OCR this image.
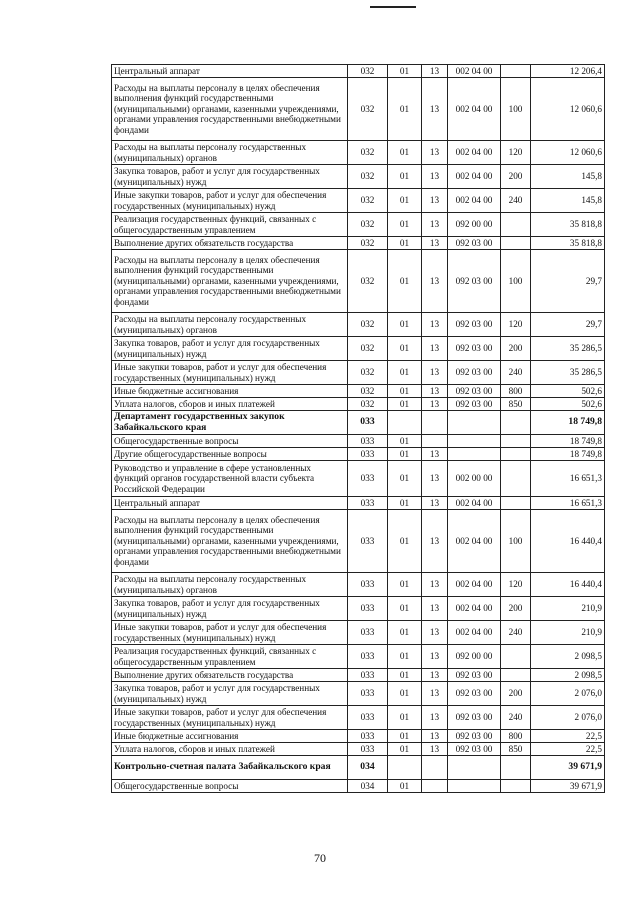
Центральный аппарат	032	01	13	002 04 00		12 206,4
Расходы на выплаты персоналу в целях обеспечения выполнения функций государственными (муниципальными) органами, казенными учреждениями, органами управления государственными внебюджетными фондами	032	01	13	002 04 00	100	12 060,6
Расходы на выплаты персоналу государственных (муниципальных) органов	032	01	13	002 04 00	120	12 060,6
Закупка товаров, работ и услуг для государственных (муниципальных) нужд	032	01	13	002 04 00	200	145,8
Иные закупки товаров, работ и услуг для обеспечения государственных (муниципальных) нужд	032	01	13	002 04 00	240	145,8
Реализация государственных функций, связанных с общегосударственным управлением	032	01	13	092 00 00		35 818,8
Выполнение других обязательств государства	032	01	13	092 03 00		35 818,8
Расходы на выплаты персоналу в целях обеспечения выполнения функций государственными (муниципальными) органами, казенными учреждениями, органами управления государственными внебюджетными фондами	032	01	13	092 03 00	100	29,7
Расходы на выплаты персоналу государственных (муниципальных) органов	032	01	13	092 03 00	120	29,7
Закупка товаров, работ и услуг для государственных (муниципальных) нужд	032	01	13	092 03 00	200	35 286,5
Иные закупки товаров, работ и услуг для обеспечения государственных (муниципальных) нужд	032	01	13	092 03 00	240	35 286,5
Иные бюджетные ассигнования	032	01	13	092 03 00	800	502,6
Уплата налогов, сборов и иных платежей	032	01	13	092 03 00	850	502,6
Департамент государственных закупок Забайкальского края	033					18 749,8
Общегосударственные вопросы	033	01				18 749,8
Другие общегосударственные вопросы	033	01	13			18 749,8
Руководство и управление в сфере установленных функций органов государственной власти субъекта Российской Федерации	033	01	13	002 00 00		16 651,3
Центральный аппарат	033	01	13	002 04 00		16 651,3
Расходы на выплаты персоналу в целях обеспечения выполнения функций государственными (муниципальными) органами, казенными учреждениями, органами управления государственными внебюджетными фондами	033	01	13	002 04 00	100	16 440,4
Расходы на выплаты персоналу государственных (муниципальных) органов	033	01	13	002 04 00	120	16 440,4
Закупка товаров, работ и услуг для государственных (муниципальных) нужд	033	01	13	002 04 00	200	210,9
Иные закупки товаров, работ и услуг для обеспечения государственных (муниципальных) нужд	033	01	13	002 04 00	240	210,9
Реализация государственных функций, связанных с общегосударственным управлением	033	01	13	092 00 00		2 098,5
Выполнение других обязательств государства	033	01	13	092 03 00		2 098,5
Закупка товаров, работ и услуг для государственных (муниципальных) нужд	033	01	13	092 03 00	200	2 076,0
Иные закупки товаров, работ и услуг для обеспечения государственных (муниципальных) нужд	033	01	13	092 03 00	240	2 076,0
Иные бюджетные ассигнования	033	01	13	092 03 00	800	22,5
Уплата налогов, сборов и иных платежей	033	01	13	092 03 00	850	22,5
Контрольно-счетная палата Забайкальского края	034					39 671,9
Общегосударственные вопросы	034	01				39 671,9
70
